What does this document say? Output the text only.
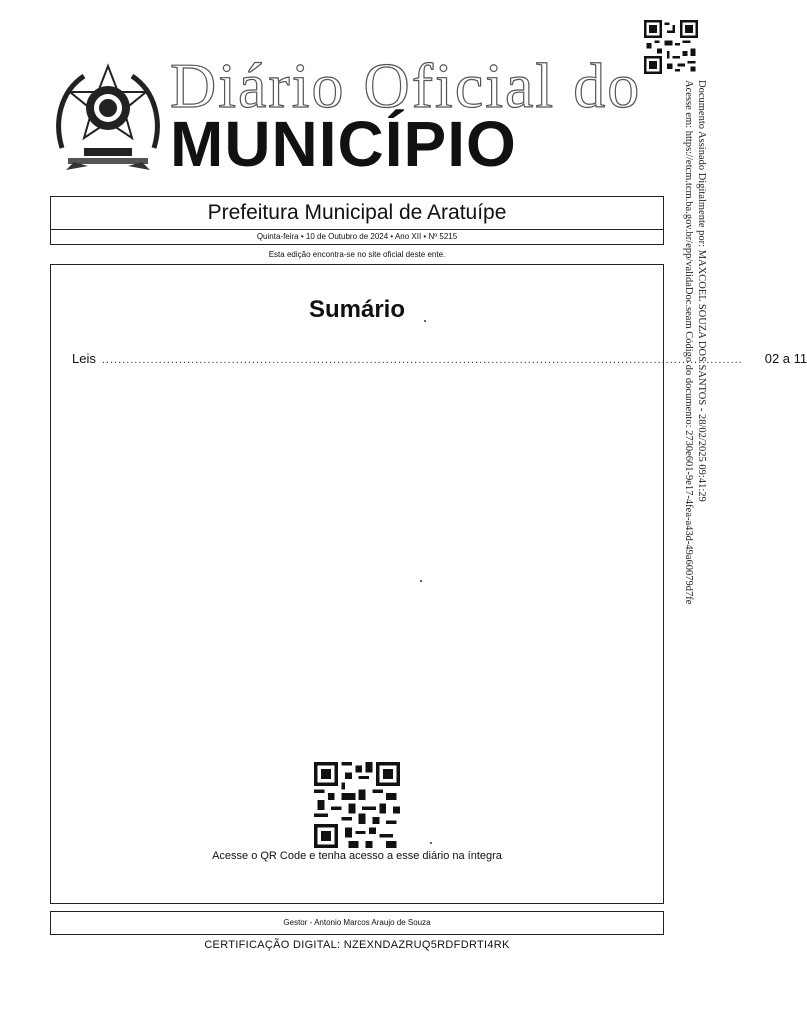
Diário Oficial do
MUNICÍPIO	Documento Assinado Digitalmente por: MAXCOEL SOUZA DOS SANTOS - 28/02/2025 09:41:29
Acesse em: https://etcm.tcm.ba.gov.br/epp/validaDoc.seam Código do documento: 2730e601-9e17-4fea-a43d-49a60079d7fe
Prefeitura Municipal de Aratuípe
Quinta-feira • 10 de Outubro de 2024 • Ano XII • Nº 5215
Esta edição encontra-se no site oficial deste ente.
Sumário
Leis .............................................................................................................................................................. 02 a 11
Acesse o QR Code e tenha acesso a esse diário na íntegra
Gestor - Antonio Marcos Araujo de Souza
CERTIFICAÇÃO DIGITAL: NZEXNDAZRUQ5RDFDRTI4RK
